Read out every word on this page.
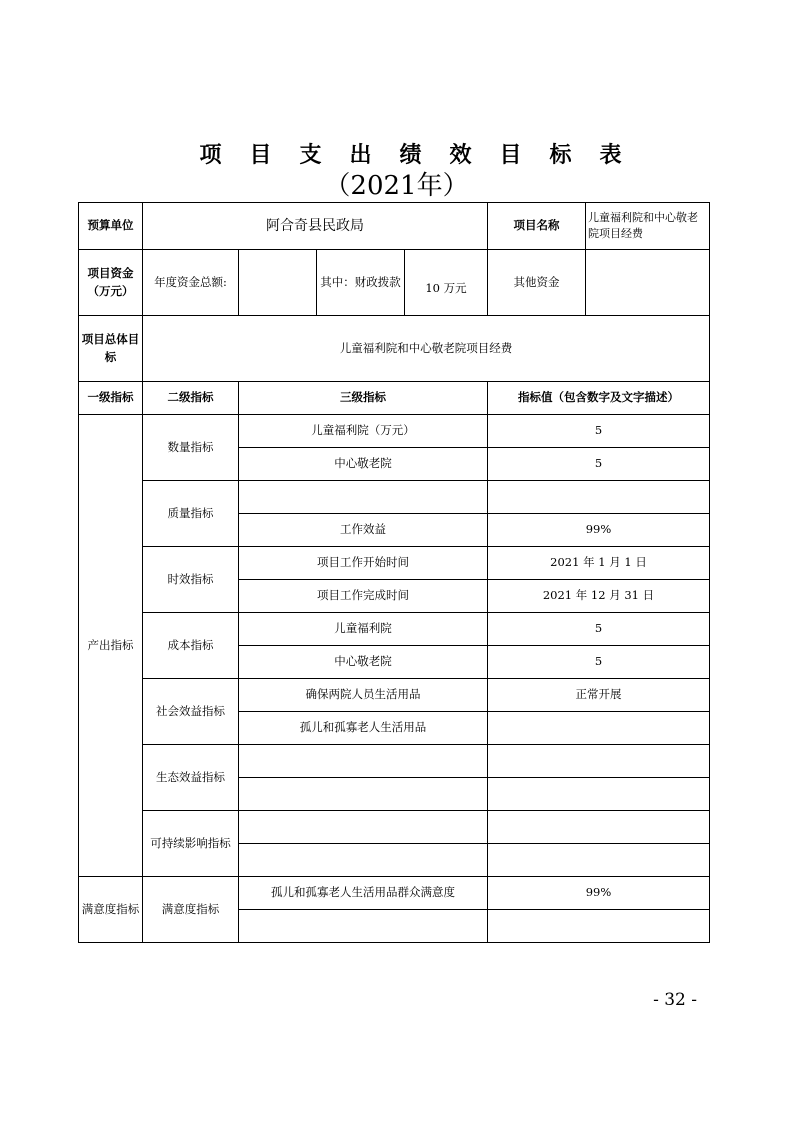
项目支出绩效目标表
（2021年）
预算单位	阿合奇县民政局				项目名称	儿童福利院和中心敬老院项目经费

项目资金
（万元）	年度资金总额:		其中：财政拨款	10 万元	其他资金	

项目总体目
标	儿童福利院和中心敬老院项目经费					
一级指标	二级指标	三级指标			指标值（包含数字及文字描述）	
产出指标	数量指标	儿童福利院（万元）			5	
		中心敬老院			5	
	质量指标					
		工作效益			99%	
	时效指标	项目工作开始时间			2021 年 1 月 1 日	
		项目工作完成时间			2021 年 12 月 31 日	
	成本指标	儿童福利院			5	
		中心敬老院			5	
	社会效益指标	确保两院人员生活用品			正常开展	
		孤儿和孤寡老人生活用品				
	生态效益指标					

	可持续影响指标					

满意度指标	满意度指标	孤儿和孤寡老人生活用品群众满意度			99%	

- 32 -
